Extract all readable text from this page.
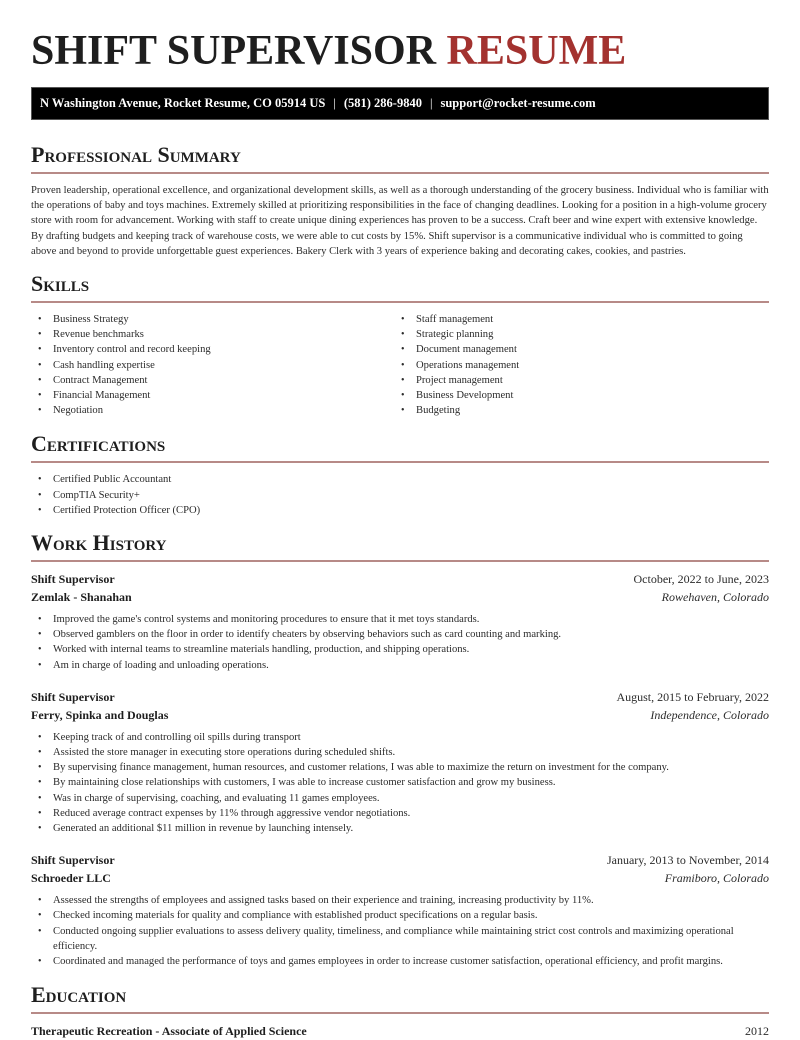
SHIFT SUPERVISOR RESUME
N Washington Avenue, Rocket Resume, CO 05914 US | (581) 286-9840 | support@rocket-resume.com
Professional Summary

Proven leadership, operational excellence, and organizational development skills, as well as a thorough understanding of the grocery business. Individual who is familiar with the operations of baby and toys machines. Extremely skilled at prioritizing responsibilities in the face of changing deadlines. Looking for a position in a high-volume grocery store with room for advancement. Working with staff to create unique dining experiences has proven to be a success. Craft beer and wine expert with extensive knowledge. By drafting budgets and keeping track of warehouse costs, we were able to cut costs by 15%. Shift supervisor is a communicative individual who is committed to going above and beyond to provide unforgettable guest experiences. Bakery Clerk with 3 years of experience baking and decorating cakes, cookies, and pastries.

Skills
• Business Strategy
• Revenue benchmarks
• Inventory control and record keeping
• Cash handling expertise
• Contract Management
• Financial Management
• Negotiation
• Staff management
• Strategic planning
• Document management
• Operations management
• Project management
• Business Development
• Budgeting
Certifications
• Certified Public Accountant
• CompTIA Security+
• Certified Protection Officer (CPO)
Work History
Shift Supervisor	October, 2022 to June, 2023
Zemlak - Shanahan	Rowehaven, Colorado
• Improved the game's control systems and monitoring procedures to ensure that it met toys standards.
• Observed gamblers on the floor in order to identify cheaters by observing behaviors such as card counting and marking.
• Worked with internal teams to streamline materials handling, production, and shipping operations.
• Am in charge of loading and unloading operations.
Shift Supervisor	August, 2015 to February, 2022
Ferry, Spinka and Douglas	Independence, Colorado
• Keeping track of and controlling oil spills during transport
• Assisted the store manager in executing store operations during scheduled shifts.
• By supervising finance management, human resources, and customer relations, I was able to maximize the return on investment for the company.
• By maintaining close relationships with customers, I was able to increase customer satisfaction and grow my business.
• Was in charge of supervising, coaching, and evaluating 11 games employees.
• Reduced average contract expenses by 11% through aggressive vendor negotiations.
• Generated an additional $11 million in revenue by launching intensely.
Shift Supervisor	January, 2013 to November, 2014
Schroeder LLC	Framiboro, Colorado
• Assessed the strengths of employees and assigned tasks based on their experience and training, increasing productivity by 11%.
• Checked incoming materials for quality and compliance with established product specifications on a regular basis.
• Conducted ongoing supplier evaluations to assess delivery quality, timeliness, and compliance while maintaining strict cost controls and maximizing operational efficiency.
• Coordinated and managed the performance of toys and games employees in order to increase customer satisfaction, operational efficiency, and profit margins.
Education
Therapeutic Recreation - Associate of Applied Science	2012
